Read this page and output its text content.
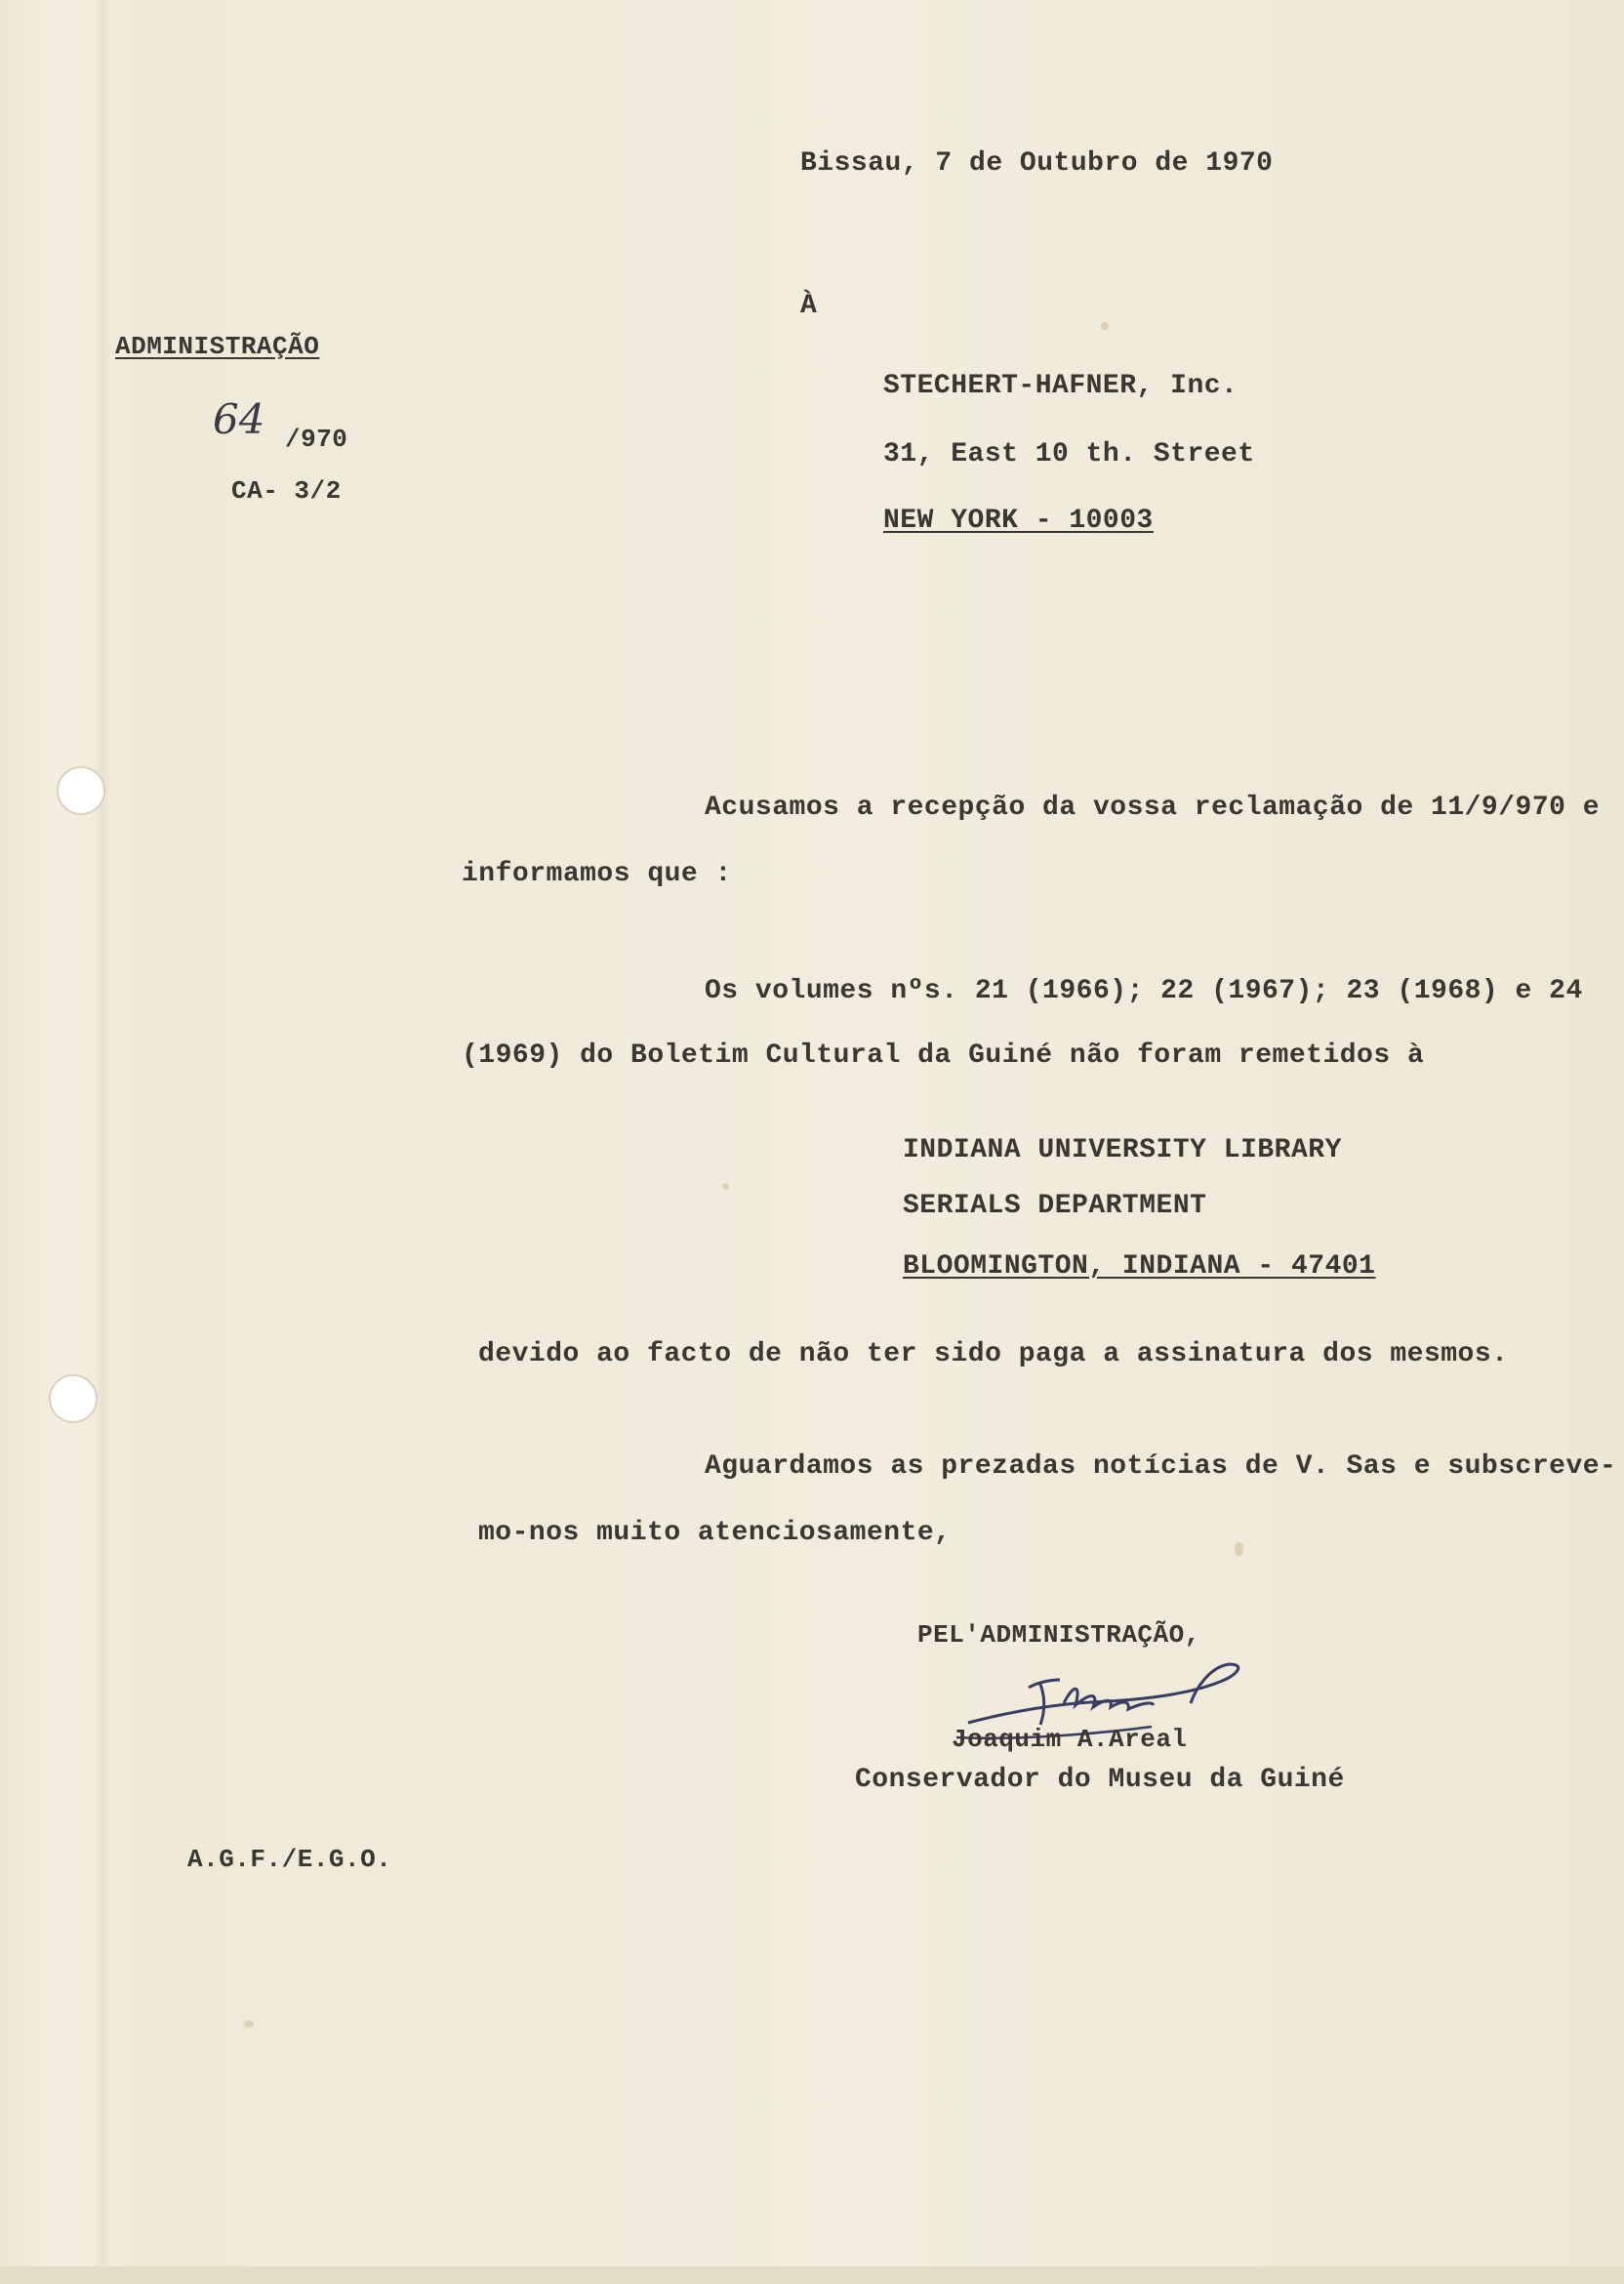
Bissau, 7 de Outubro de 1970
À
ADMINISTRAÇÃO
64 /970
CA- 3/2
STECHERT-HAFNER, Inc.
31, East 10 th. Street
NEW YORK - 10003
Acusamos a recepção da vossa reclamação de 11/9/970 e
informamos que :
Os volumes nºs. 21 (1966); 22 (1967); 23 (1968) e 24
(1969) do Boletim Cultural da Guiné não foram remetidos à
INDIANA UNIVERSITY LIBRARY
SERIALS DEPARTMENT
BLOOMINGTON, INDIANA - 47401
devido ao facto de não ter sido paga a assinatura dos mesmos.
Aguardamos as prezadas notícias de V. Sas e subscreve-
mo-nos muito atenciosamente,
PEL'ADMINISTRAÇÃO,
Joaquim A.Areal
Conservador do Museu da Guiné
A.G.F./E.G.O.
